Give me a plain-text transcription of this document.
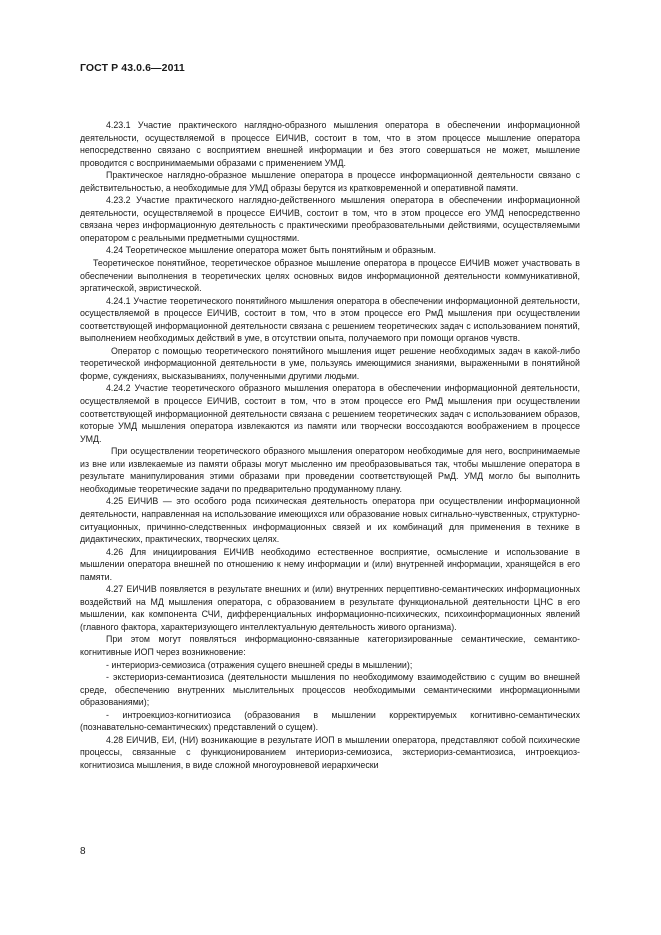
ГОСТ Р 43.0.6—2011

4.23.1 Участие практического наглядно-образного мышления оператора в обеспечении информационной деятельности, осуществляемой в процессе ЕИЧИВ, состоит в том, что в этом процессе мышление оператора непосредственно связано с восприятием внешней информации и без этого совершаться не может, мышление проводится с воспринимаемыми образами с применением УМД.

Практическое наглядно-образное мышление оператора в процессе информационной деятельности связано с действительностью, а необходимые для УМД образы берутся из кратковременной и оперативной памяти.

4.23.2 Участие практического наглядно-действенного мышления оператора в обеспечении информационной деятельности, осуществляемой в процессе ЕИЧИВ, состоит в том, что в этом процессе его УМД непосредственно связана через информационную деятельность с практическими преобразовательными действиями, осуществляемыми оператором с реальными предметными сущностями.

4.24 Теоретическое мышление оператора может быть понятийным и образным.

Теоретическое понятийное, теоретическое образное мышление оператора в процессе ЕИЧИВ может участвовать в обеспечении выполнения в теоретических целях основных видов информационной деятельности коммуникативной, эргатической, эвристической.

4.24.1 Участие теоретического понятийного мышления оператора в обеспечении информационной деятельности, осуществляемой в процессе ЕИЧИВ, состоит в том, что в этом процессе его РмД мышления при осуществлении соответствующей информационной деятельности связана с решением теоретических задач с использованием понятий, выполнением необходимых действий в уме, в отсутствии опыта, получаемого при помощи органов чувств.

Оператор с помощью теоретического понятийного мышления ищет решение необходимых задач в какой-либо теоретической информационной деятельности в уме, пользуясь имеющимися знаниями, выраженными в понятийной форме, суждениях, высказываниях, полученными другими людьми.

4.24.2 Участие теоретического образного мышления оператора в обеспечении информационной деятельности, осуществляемой в процессе ЕИЧИВ, состоит в том, что в этом процессе его РмД мышления при осуществлении соответствующей информационной деятельности связана с решением теоретических задач с использованием образов, которые УМД мышления оператора извлекаются из памяти или творчески воссоздаются воображением в процессе УМД.

При осуществлении теоретического образного мышления оператором необходимые для него, воспринимаемые из вне или извлекаемые из памяти образы могут мысленно им преобразовываться так, чтобы мышление оператора в результате манипулирования этими образами при проведении соответствующей РмД. УМД могло бы выполнить необходимые теоретические задачи по предварительно продуманному плану.

4.25 ЕИЧИВ — это особого рода психическая деятельность оператора при осуществлении информационной деятельности, направленная на использование имеющихся или образование новых сигнально-чувственных, структурно-ситуационных, причинно-следственных информационных связей и их комбинаций для применения в технике в дидактических, практических, творческих целях.

4.26 Для инициирования ЕИЧИВ необходимо естественное восприятие, осмысление и использование в мышлении оператора внешней по отношению к нему информации и (или) внутренней информации, хранящейся в его памяти.

4.27 ЕИЧИВ появляется в результате внешних и (или) внутренних перцептивно-семантических информационных воздействий на МД мышления оператора, с образованием в результате функциональной деятельности ЦНС в его мышлении, как компонента СЧИ, дифференциальных информационно-психических, психоинформационных явлений (главного фактора, характеризующего интеллектуальную деятельность живого организма).

При этом могут появляться информационно-связанные категоризированные семантические, семантико-когнитивные ИОП через возникновение:

- интериориз-семиозиса (отражения сущего внешней среды в мышлении);

- экстериориз-семантиозиса (деятельности мышления по необходимому взаимодействию с сущим во внешней среде, обеспечению внутренних мыслительных процессов необходимыми семантическими информационными образованиями);

- интроекциоз-когнитиозиса (образования в мышлении корректируемых когнитивно-семантических (познавательно-семантических) представлений о сущем).

4.28 ЕИЧИВ, ЕИ, (НИ) возникающие в результате ИОП в мышлении оператора, представляют собой психические процессы, связанные с функционированием интериориз-семиозиса, экстериориз-семантиозиса, интроекциоз-когнитиозиса мышления, в виде сложной многоуровневой иерархически

8
